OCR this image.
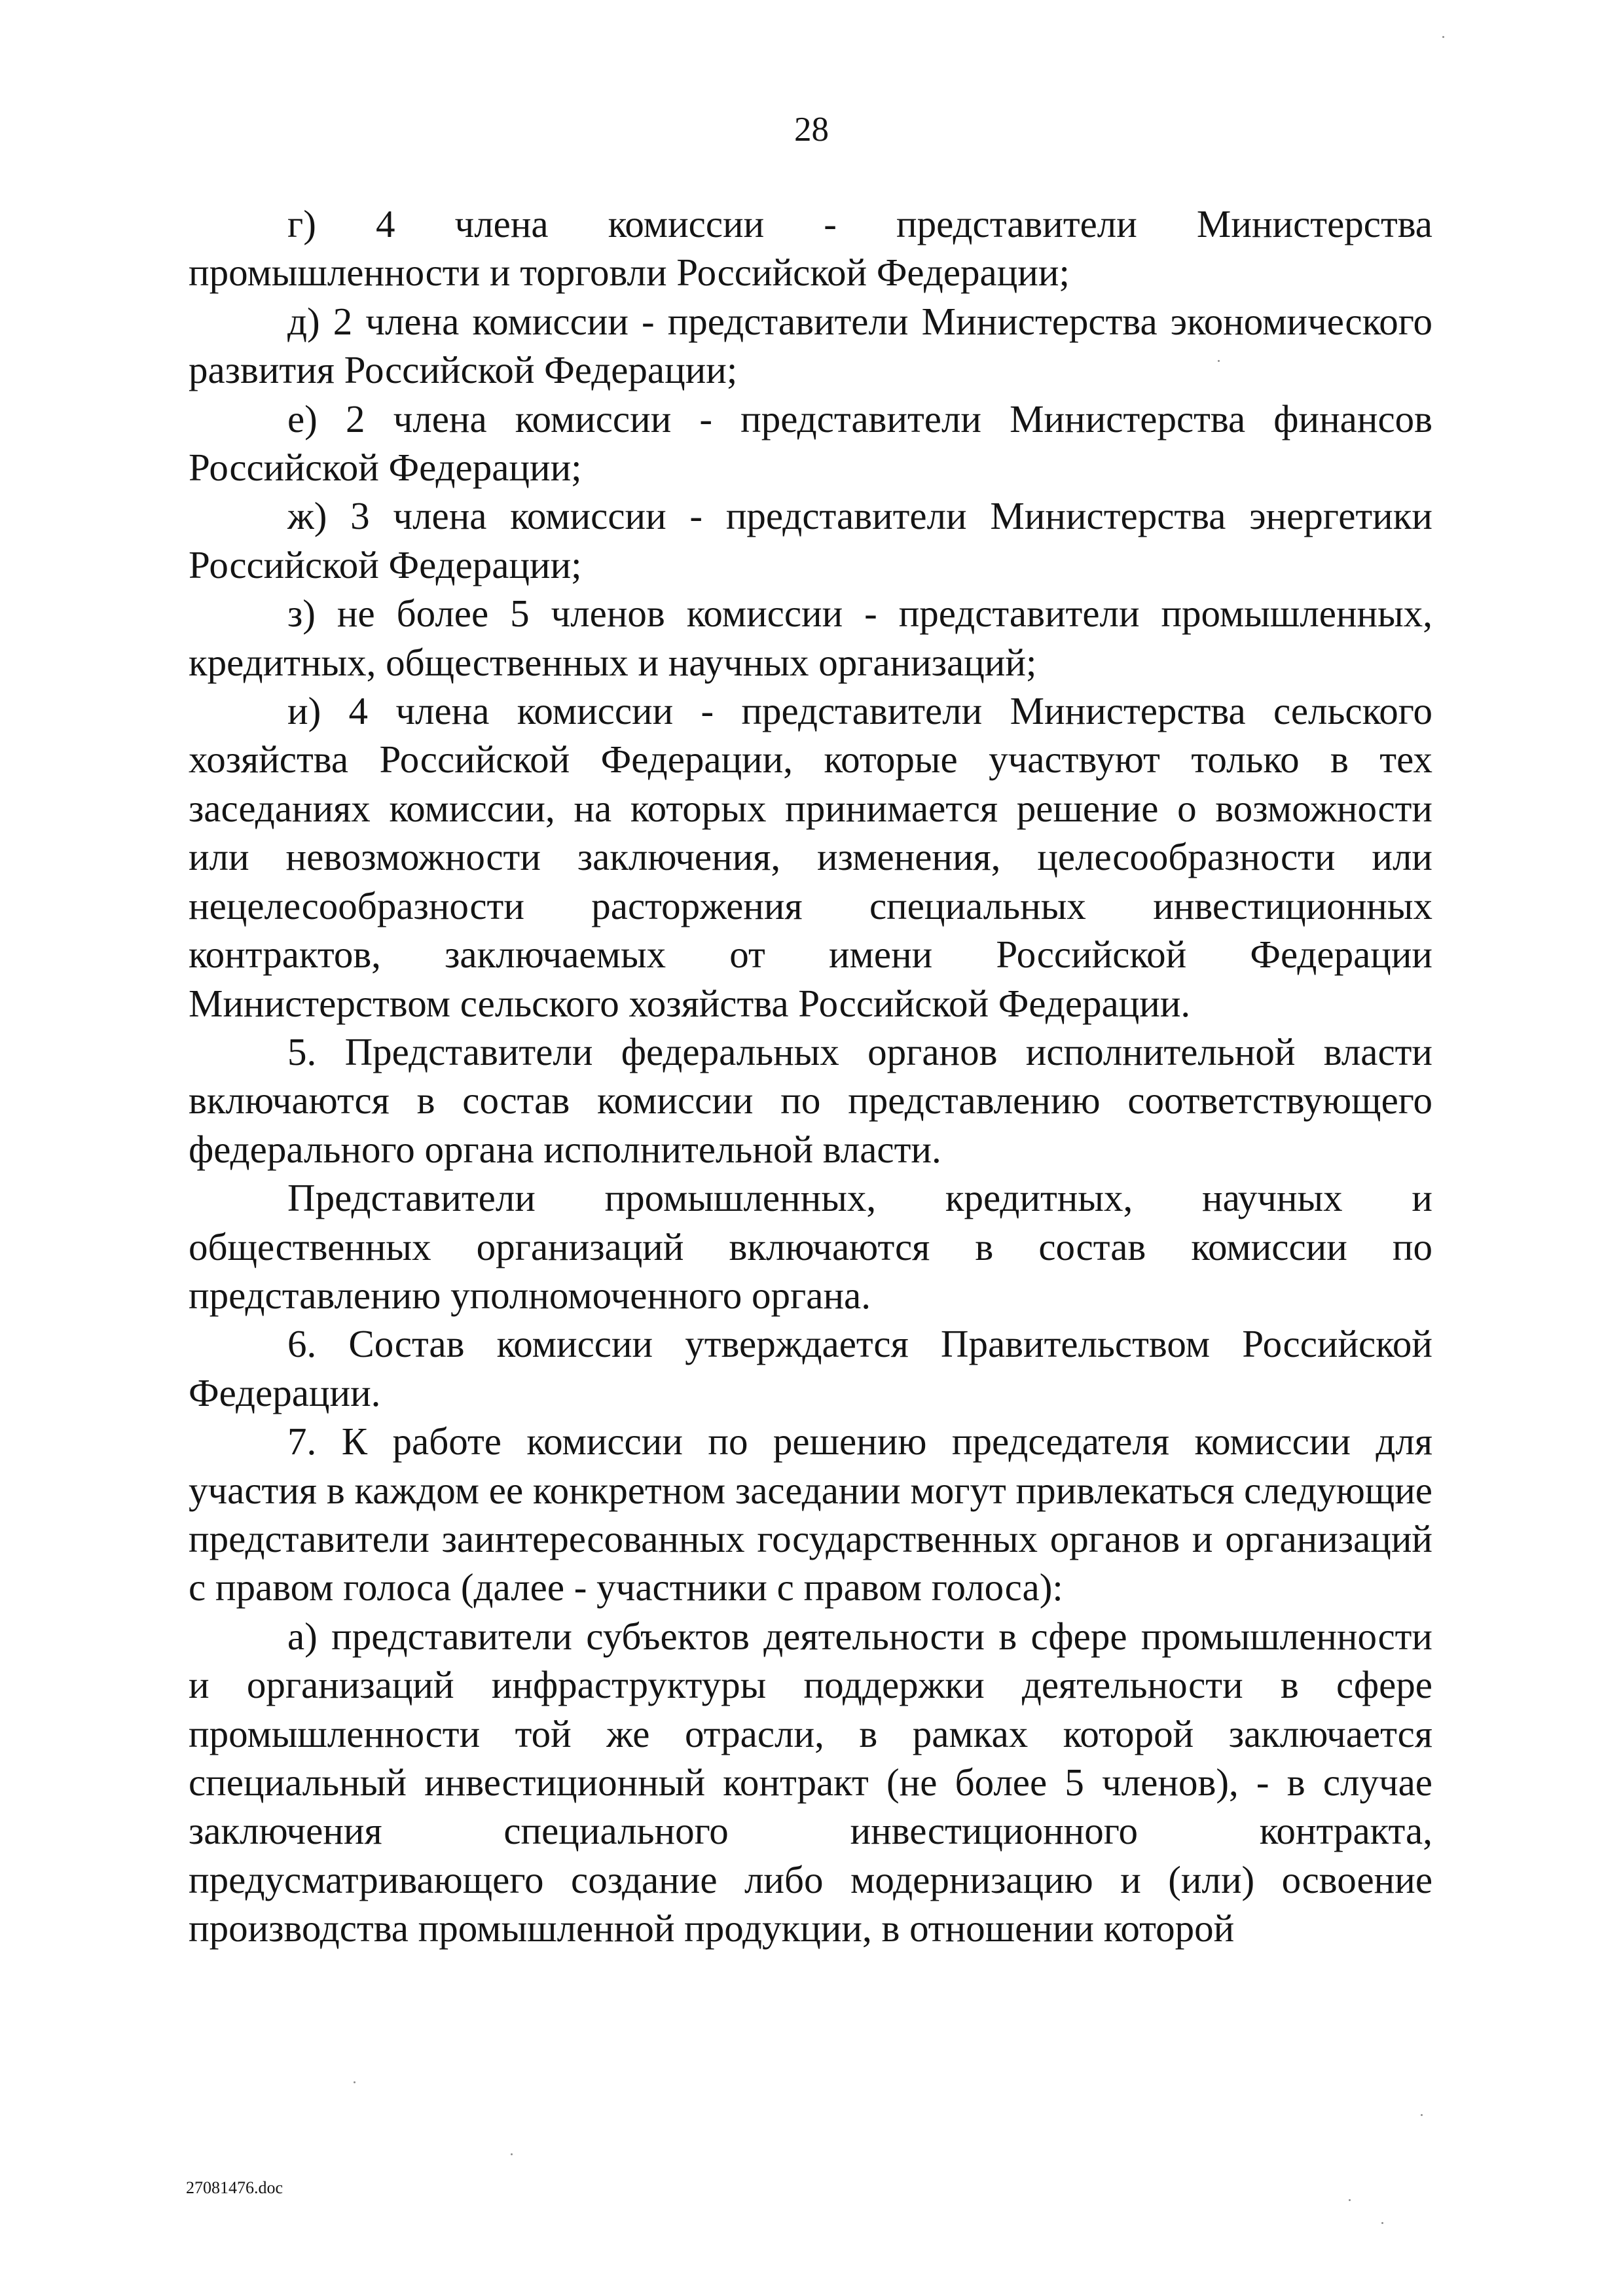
28

г) 4 члена комиссии - представители Министерства промышленности и торговли Российской Федерации;

д) 2 члена комиссии - представители Министерства экономического развития Российской Федерации;

е) 2 члена комиссии - представители Министерства финансов Российской Федерации;

ж) 3 члена комиссии - представители Министерства энергетики Российской Федерации;

з) не более 5 членов комиссии - представители промышленных, кредитных, общественных и научных организаций;

и) 4 члена комиссии - представители Министерства сельского хозяйства Российской Федерации, которые участвуют только в тех заседаниях комиссии, на которых принимается решение о возможности или невозможности заключения, изменения, целесообразности или нецелесообразности расторжения специальных инвестиционных контрактов, заключаемых от имени Российской Федерации Министерством сельского хозяйства Российской Федерации.

5. Представители федеральных органов исполнительной власти включаются в состав комиссии по представлению соответствующего федерального органа исполнительной власти.

Представители промышленных, кредитных, научных и общественных организаций включаются в состав комиссии по представлению уполномоченного органа.

6. Состав комиссии утверждается Правительством Российской Федерации.

7. К работе комиссии по решению председателя комиссии для участия в каждом ее конкретном заседании могут привлекаться следующие представители заинтересованных государственных органов и организаций с правом голоса (далее - участники с правом голоса):

а) представители субъектов деятельности в сфере промышленности и организаций инфраструктуры поддержки деятельности в сфере промышленности той же отрасли, в рамках которой заключается специальный инвестиционный контракт (не более 5 членов), - в случае заключения специального инвестиционного контракта, предусматривающего создание либо модернизацию и (или) освоение производства промышленной продукции, в отношении которой

27081476.doc
